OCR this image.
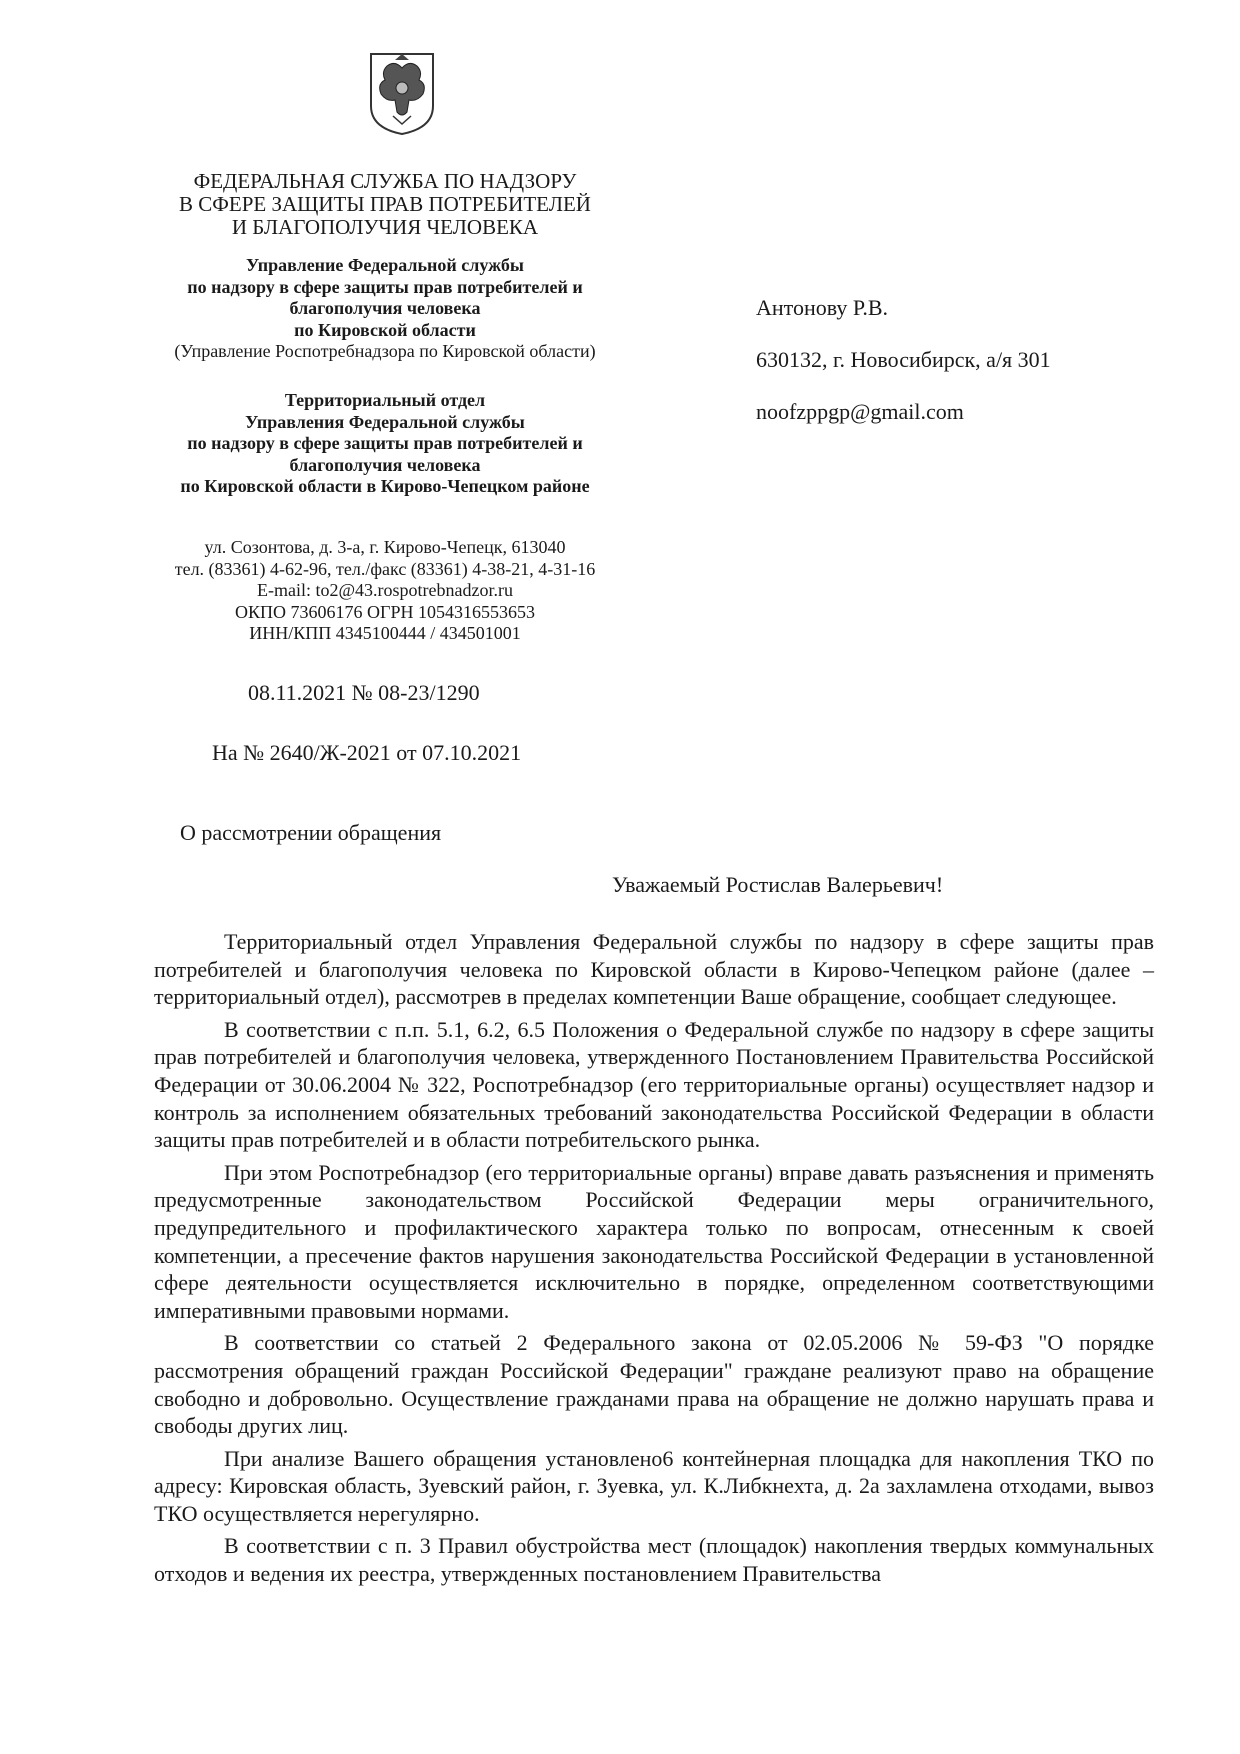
ФЕДЕРАЛЬНАЯ СЛУЖБА ПО НАДЗОРУ
В СФЕРЕ ЗАЩИТЫ ПРАВ ПОТРЕБИТЕЛЕЙ
И БЛАГОПОЛУЧИЯ ЧЕЛОВЕКА
Управление Федеральной службы
по надзору в сфере защиты прав потребителей и
благополучия человека
по Кировской области
(Управление Роспотребнадзора по Кировской области)
Территориальный отдел
Управления Федеральной службы
по надзору в сфере защиты прав потребителей и
благополучия человека
по Кировской области в Кирово-Чепецком районе
ул. Созонтова, д. 3-а, г. Кирово-Чепецк, 613040
тел. (83361) 4-62-96, тел./факс (83361) 4-38-21, 4-31-16
E-mail: to2@43.rospotrebnadzor.ru
ОКПО 73606176 ОГРН 1054316553653
ИНН/КПП 4345100444 / 434501001
08.11.2021 № 08-23/1290
На № 2640/Ж-2021 от 07.10.2021
Антонову Р.В.
630132, г. Новосибирск, а/я 301
noofzppgp@gmail.com
О рассмотрении обращения
Уважаемый Ростислав Валерьевич!

Территориальный отдел Управления Федеральной службы по надзору в сфере защиты прав потребителей и благополучия человека по Кировской области в Кирово-Чепецком районе (далее – территориальный отдел), рассмотрев в пределах компетенции Ваше обращение, сообщает следующее.

В соответствии с п.п. 5.1, 6.2, 6.5 Положения о Федеральной службе по надзору в сфере защиты прав потребителей и благополучия человека, утвержденного Постановлением Правительства Российской Федерации от 30.06.2004 № 322, Роспотребнадзор (его территориальные органы) осуществляет надзор и контроль за исполнением обязательных требований законодательства Российской Федерации в области защиты прав потребителей и в области потребительского рынка.

При этом Роспотребнадзор (его территориальные органы) вправе давать разъяснения и применять предусмотренные законодательством Российской Федерации меры ограничительного, предупредительного и профилактического характера только по вопросам, отнесенным к своей компетенции, а пресечение фактов нарушения законодательства Российской Федерации в установленной сфере деятельности осуществляется исключительно в порядке, определенном соответствующими императивными правовыми нормами.

В соответствии со статьей 2 Федерального закона от 02.05.2006 № 59-ФЗ "О порядке рассмотрения обращений граждан Российской Федерации" граждане реализуют право на обращение свободно и добровольно. Осуществление гражданами права на обращение не должно нарушать права и свободы других лиц.

При анализе Вашего обращения установлено6 контейнерная площадка для накопления ТКО по адресу: Кировская область, Зуевский район, г. Зуевка, ул. К.Либкнехта, д. 2а захламлена отходами, вывоз ТКО осуществляется нерегулярно.

В соответствии с п. 3 Правил обустройства мест (площадок) накопления твердых коммунальных отходов и ведения их реестра, утвержденных постановлением Правительства
